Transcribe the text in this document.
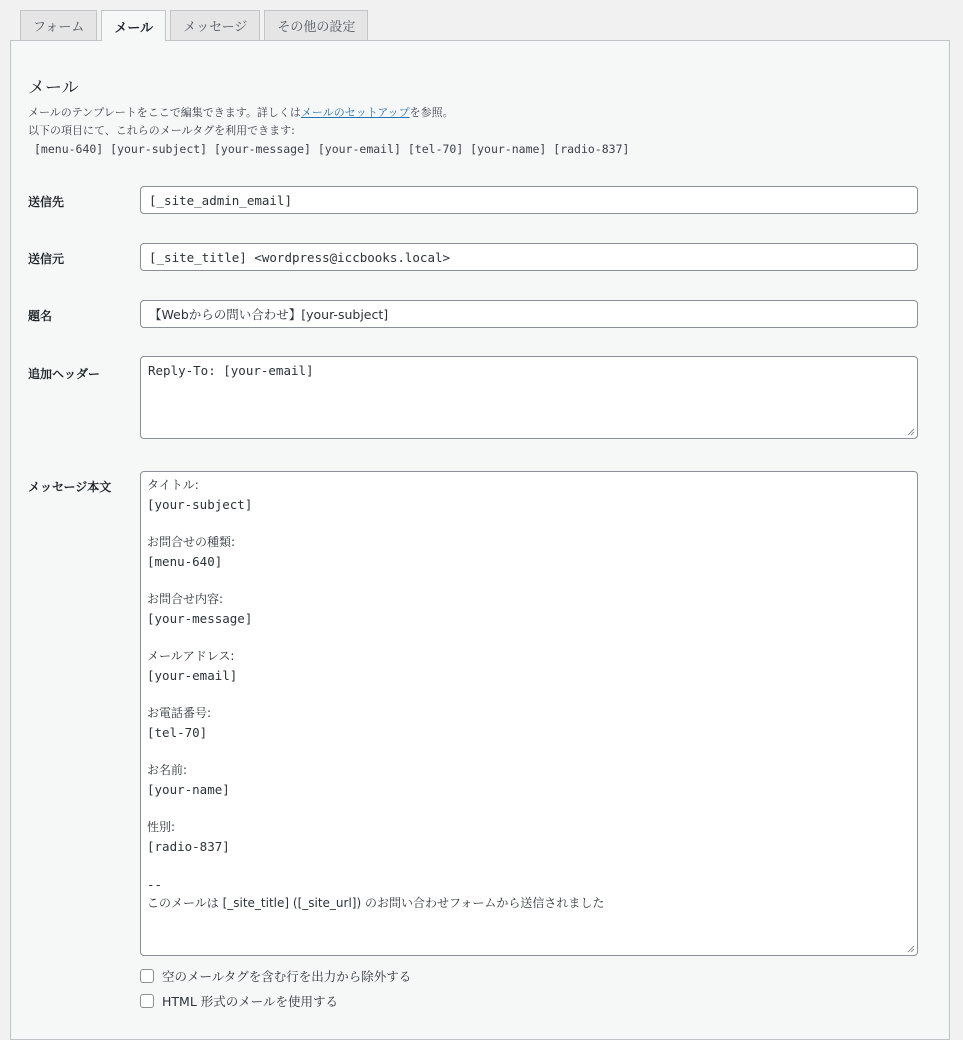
フォーム	メール	メッセージ	その他の設定
メール
メールのテンプレートをここで編集できます。詳しくはメールのセットアップを参照。
以下の項目にて、これらのメールタグを利用できます:
[menu-640] [your-subject] [your-message] [your-email] [tel-70] [your-name] [radio-837]
送信先	[_site_admin_email]
送信元	[_site_title] <wordpress@iccbooks.local>
題名	【Webからの問い合わせ】[your-subject]
追加ヘッダー	Reply-To: [your-email]
メッセージ本文	タイトル:
[your-subject]
お問合せの種類:
[menu-640]
お問合せ内容:
[your-message]
メールアドレス:
[your-email]
お電話番号:
[tel-70]
お名前:
[your-name]
性別:
[radio-837]
--
このメールは [_site_title] ([_site_url]) のお問い合わせフォームから送信されました
空のメールタグを含む行を出力から除外する
HTML 形式のメールを使用する
